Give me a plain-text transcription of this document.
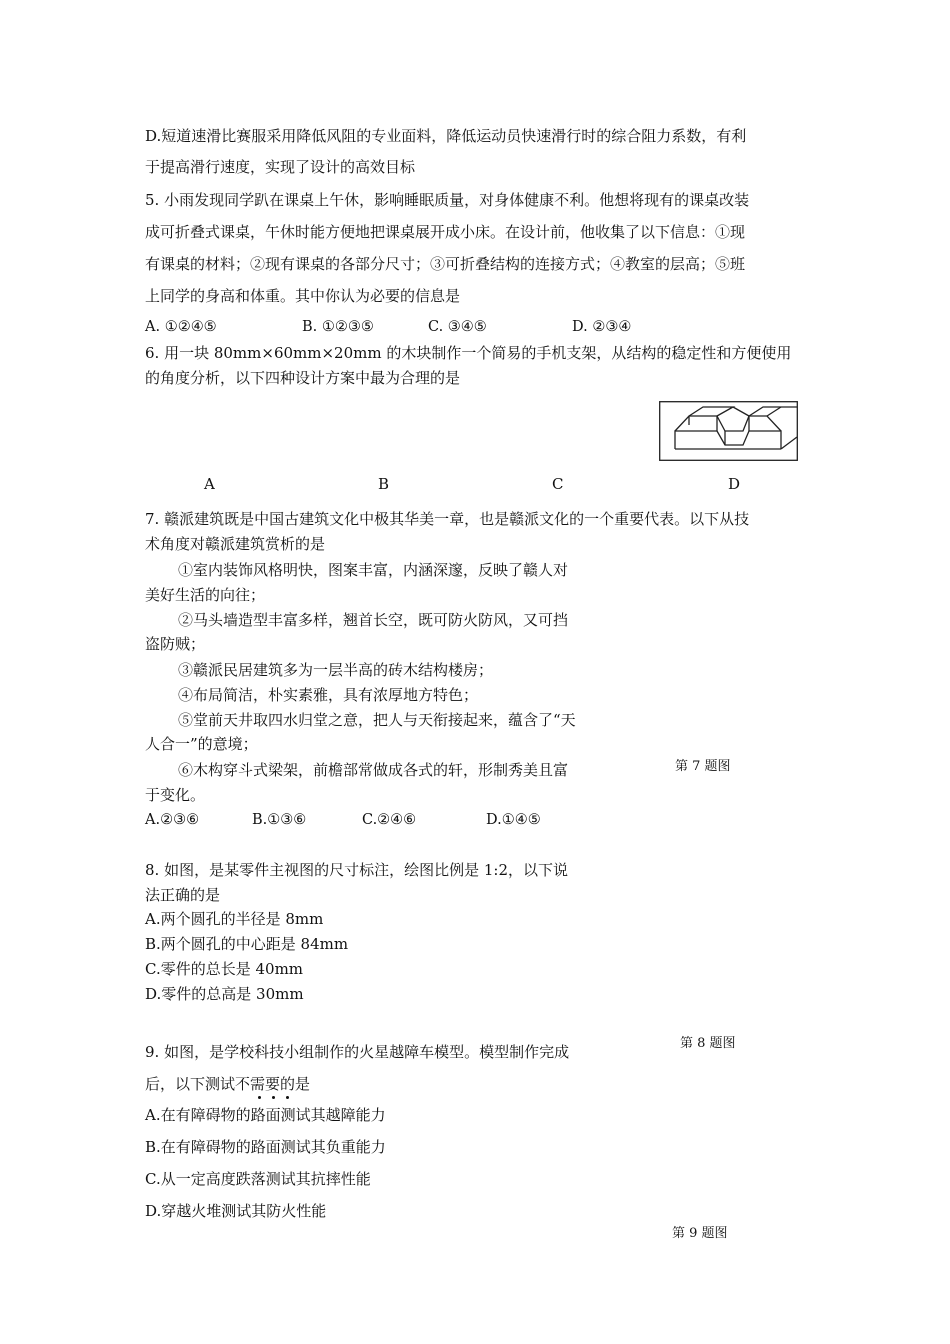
D.短道速滑比赛服采用降低风阻的专业面料，降低运动员快速滑行时的综合阻力系数，有利
于提高滑行速度，实现了设计的高效目标
5. 小雨发现同学趴在课桌上午休，影响睡眠质量，对身体健康不利。他想将现有的课桌改装
成可折叠式课桌，午休时能方便地把课桌展开成小床。在设计前，他收集了以下信息：①现
有课桌的材料；②现有课桌的各部分尺寸；③可折叠结构的连接方式；④教室的层高；⑤班
上同学的身高和体重。其中你认为必要的信息是
A. ①②④⑤	B. ①②③⑤	C. ③④⑤	D. ②③④
6. 用一块 80mm×60mm×20mm 的木块制作一个简易的手机支架，从结构的稳定性和方便使用
的角度分析，以下四种设计方案中最为合理的是
A	B	C	D
7. 赣派建筑既是中国古建筑文化中极其华美一章，也是赣派文化的一个重要代表。以下从技
术角度对赣派建筑赏析的是
①室内装饰风格明快，图案丰富，内涵深邃，反映了赣人对
美好生活的向往；
②马头墙造型丰富多样，翘首长空，既可防火防风，又可挡
盗防贼；
③赣派民居建筑多为一层半高的砖木结构楼房；
④布局简洁，朴实素雅，具有浓厚地方特色；
⑤堂前天井取四水归堂之意，把人与天衔接起来，蕴含了“天
人合一”的意境；
⑥木构穿斗式梁架，前檐部常做成各式的轩，形制秀美且富
于变化。
第 7 题图
A.②③⑥	B.①③⑥	C.②④⑥	D.①④⑤
8. 如图，是某零件主视图的尺寸标注，绘图比例是 1:2，以下说
法正确的是
A.两个圆孔的半径是 8mm
B.两个圆孔的中心距是 84mm
C.零件的总长是 40mm
D.零件的总高是 30mm
第 8 题图
9. 如图，是学校科技小组制作的火星越障车模型。模型制作完成
后，以下测试不需要的是
A.在有障碍物的路面测试其越障能力
B.在有障碍物的路面测试其负重能力
C.从一定高度跌落测试其抗摔性能
D.穿越火堆测试其防火性能
第 9 题图
